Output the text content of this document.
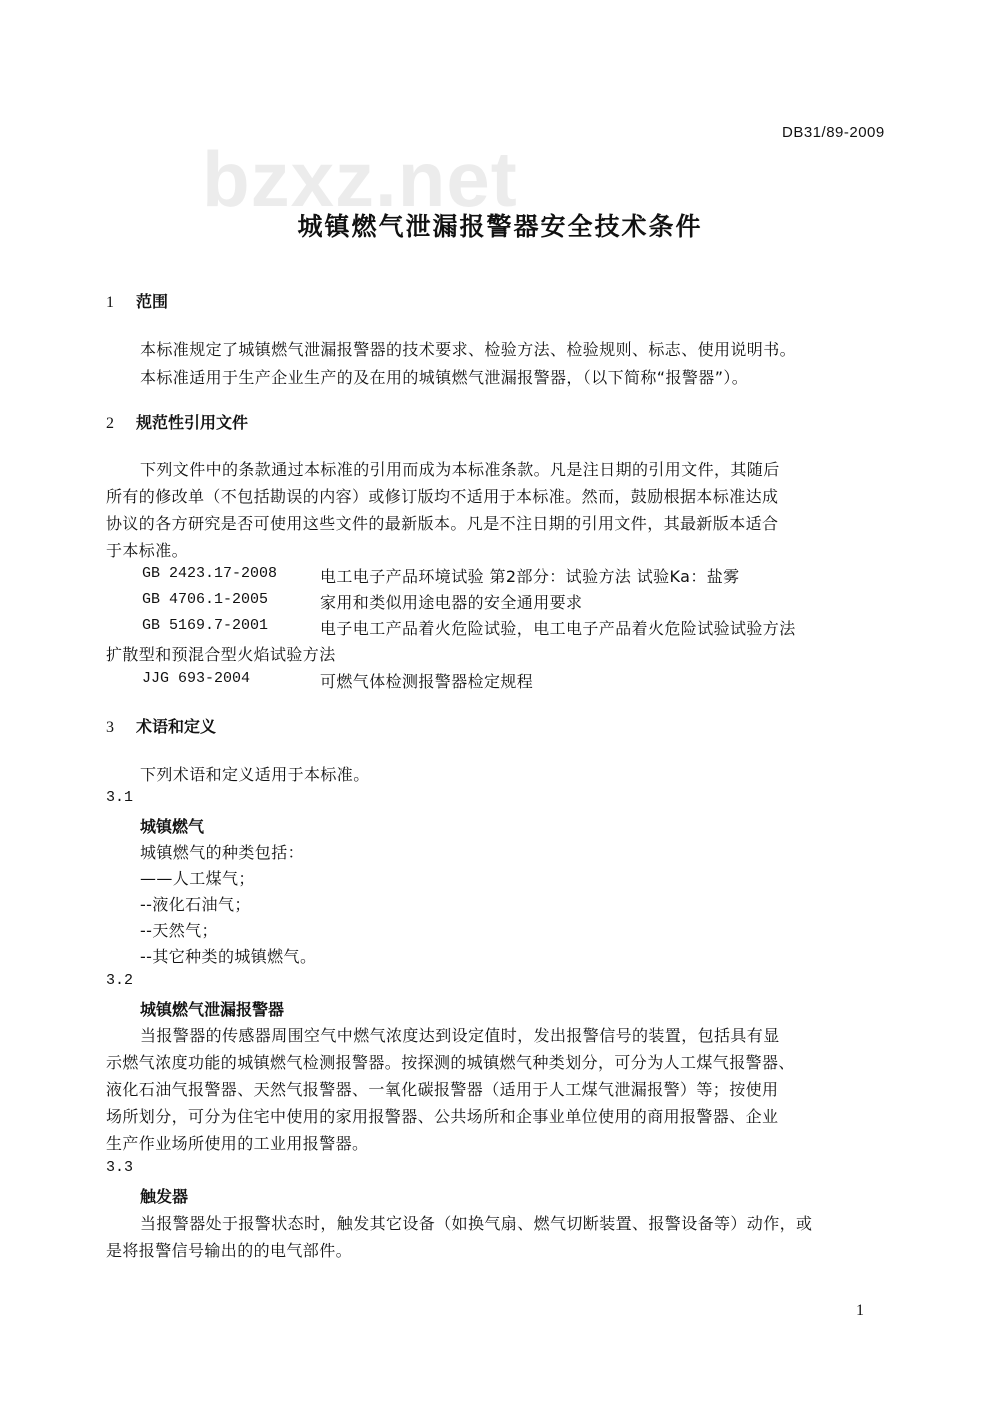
DB31/89-2009
bzxz.net
城镇燃气泄漏报警器安全技术条件
1 范围
本标准规定了城镇燃气泄漏报警器的技术要求、检验方法、检验规则、标志、使用说明书。
本标准适用于生产企业生产的及在用的城镇燃气泄漏报警器，（以下简称“报警器”）。
2 规范性引用文件
下列文件中的条款通过本标准的引用而成为本标准条款。凡是注日期的引用文件，其随后
所有的修改单（不包括勘误的内容）或修订版均不适用于本标准。然而，鼓励根据本标准达成
协议的各方研究是否可使用这些文件的最新版本。凡是不注日期的引用文件，其最新版本适合
于本标准。
GB 2423.17-2008	电工电子产品环境试验 第2部分：试验方法 试验Ka：盐雾
GB 4706.1-2005	家用和类似用途电器的安全通用要求
GB 5169.7-2001	电子电工产品着火危险试验，电工电子产品着火危险试验试验方法
扩散型和预混合型火焰试验方法
JJG 693-2004	可燃气体检测报警器检定规程
3 术语和定义
下列术语和定义适用于本标准。
3.1
城镇燃气
城镇燃气的种类包括：
——人工煤气；
--液化石油气；
--天然气；
--其它种类的城镇燃气。
3.2
城镇燃气泄漏报警器
当报警器的传感器周围空气中燃气浓度达到设定值时，发出报警信号的装置，包括具有显
示燃气浓度功能的城镇燃气检测报警器。按探测的城镇燃气种类划分，可分为人工煤气报警器、
液化石油气报警器、天然气报警器、一氧化碳报警器（适用于人工煤气泄漏报警）等；按使用
场所划分，可分为住宅中使用的家用报警器、公共场所和企事业单位使用的商用报警器、企业
生产作业场所使用的工业用报警器。
3.3
触发器
当报警器处于报警状态时，触发其它设备（如换气扇、燃气切断装置、报警设备等）动作，或
是将报警信号输出的的电气部件。
1
